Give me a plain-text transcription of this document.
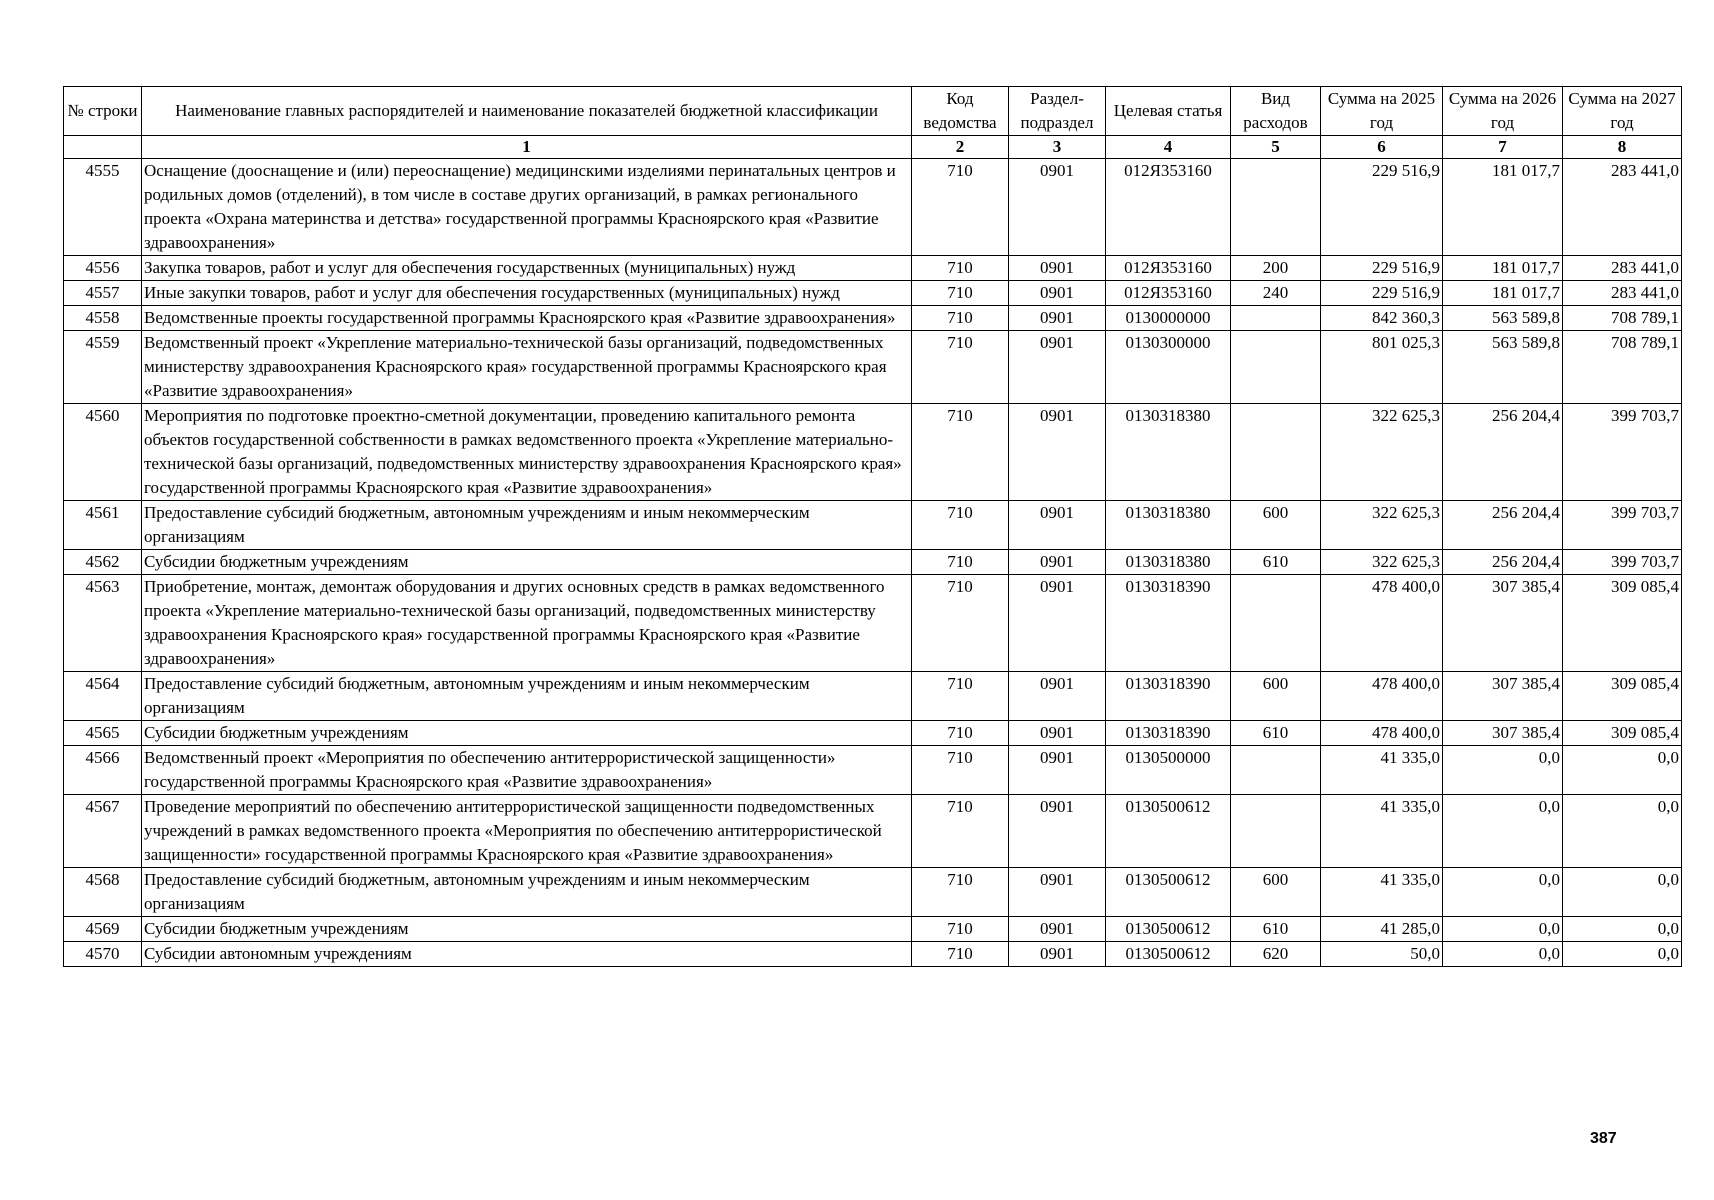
№ строки	Наименование главных распорядителей и наименование показателей бюджетной классификации	Код ведомства	Раздел-подраздел	Целевая статья	Вид расходов	Сумма на 2025 год	Сумма на 2026 год	Сумма на 2027 год
	1	2	3	4	5	6	7	8
4555	Оснащение (дооснащение и (или) переоснащение) медицинскими изделиями перинатальных центров и родильных домов (отделений), в том числе в составе других организаций, в рамках регионального проекта «Охрана материнства и детства» государственной программы Красноярского края «Развитие здравоохранения»	710	0901	012Я353160		229 516,9	181 017,7	283 441,0
4556	Закупка товаров, работ и услуг для обеспечения государственных (муниципальных) нужд	710	0901	012Я353160	200	229 516,9	181 017,7	283 441,0
4557	Иные закупки товаров, работ и услуг для обеспечения государственных (муниципальных) нужд	710	0901	012Я353160	240	229 516,9	181 017,7	283 441,0
4558	Ведомственные проекты государственной программы Красноярского края «Развитие здравоохранения»	710	0901	0130000000		842 360,3	563 589,8	708 789,1
4559	Ведомственный проект «Укрепление материально-технической базы организаций, подведомственных министерству здравоохранения Красноярского края» государственной программы Красноярского края «Развитие здравоохранения»	710	0901	0130300000		801 025,3	563 589,8	708 789,1
4560	Мероприятия по подготовке проектно-сметной документации, проведению капитального ремонта объектов государственной собственности в рамках ведомственного проекта «Укрепление материально-технической базы организаций, подведомственных министерству здравоохранения Красноярского края» государственной программы Красноярского края «Развитие здравоохранения»	710	0901	0130318380		322 625,3	256 204,4	399 703,7
4561	Предоставление субсидий бюджетным, автономным учреждениям и иным некоммерческим организациям	710	0901	0130318380	600	322 625,3	256 204,4	399 703,7
4562	Субсидии бюджетным учреждениям	710	0901	0130318380	610	322 625,3	256 204,4	399 703,7
4563	Приобретение, монтаж, демонтаж оборудования и других основных средств в рамках ведомственного проекта «Укрепление материально-технической базы организаций, подведомственных министерству здравоохранения Красноярского края» государственной программы Красноярского края «Развитие здравоохранения»	710	0901	0130318390		478 400,0	307 385,4	309 085,4
4564	Предоставление субсидий бюджетным, автономным учреждениям и иным некоммерческим организациям	710	0901	0130318390	600	478 400,0	307 385,4	309 085,4
4565	Субсидии бюджетным учреждениям	710	0901	0130318390	610	478 400,0	307 385,4	309 085,4
4566	Ведомственный проект «Мероприятия по обеспечению антитеррористической защищенности» государственной программы Красноярского края «Развитие здравоохранения»	710	0901	0130500000		41 335,0	0,0	0,0
4567	Проведение мероприятий по обеспечению антитеррористической защищенности подведомственных учреждений в рамках ведомственного проекта «Мероприятия по обеспечению антитеррористической защищенности» государственной программы Красноярского края «Развитие здравоохранения»	710	0901	0130500612		41 335,0	0,0	0,0
4568	Предоставление субсидий бюджетным, автономным учреждениям и иным некоммерческим организациям	710	0901	0130500612	600	41 335,0	0,0	0,0
4569	Субсидии бюджетным учреждениям	710	0901	0130500612	610	41 285,0	0,0	0,0
4570	Субсидии автономным учреждениям	710	0901	0130500612	620	50,0	0,0	0,0
387
